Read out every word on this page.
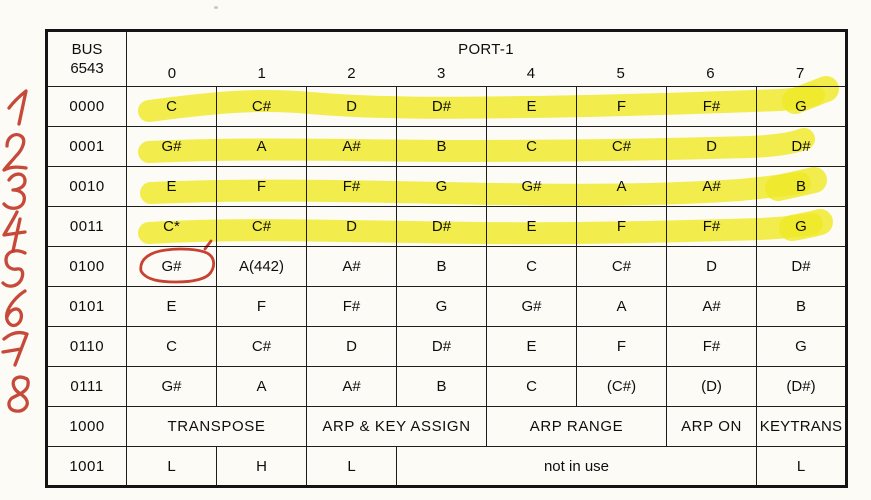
BUS
6543

PORT-1
0	1	2	3	4	5	6	7

0000	C	C#	D	D#	E	F	F#	G
0001	G#	A	A#	B	C	C#	D	D#
0010	E	F	F#	G	G#	A	A#	B
0011	C*	C#	D	D#	E	F	F#	G
0100	G#	A(442)	A#	B	C	C#	D	D#
0101	E	F	F#	G	G#	A	A#	B
0110	C	C#	D	D#	E	F	F#	G
0111	G#	A	A#	B	C	(C#)	(D)	(D#)
1000	TRANSPOSE		ARP & KEY ASSIGN		ARP RANGE		ARP ON	KEYTRANS
1001	L	H	L	not in use				L
